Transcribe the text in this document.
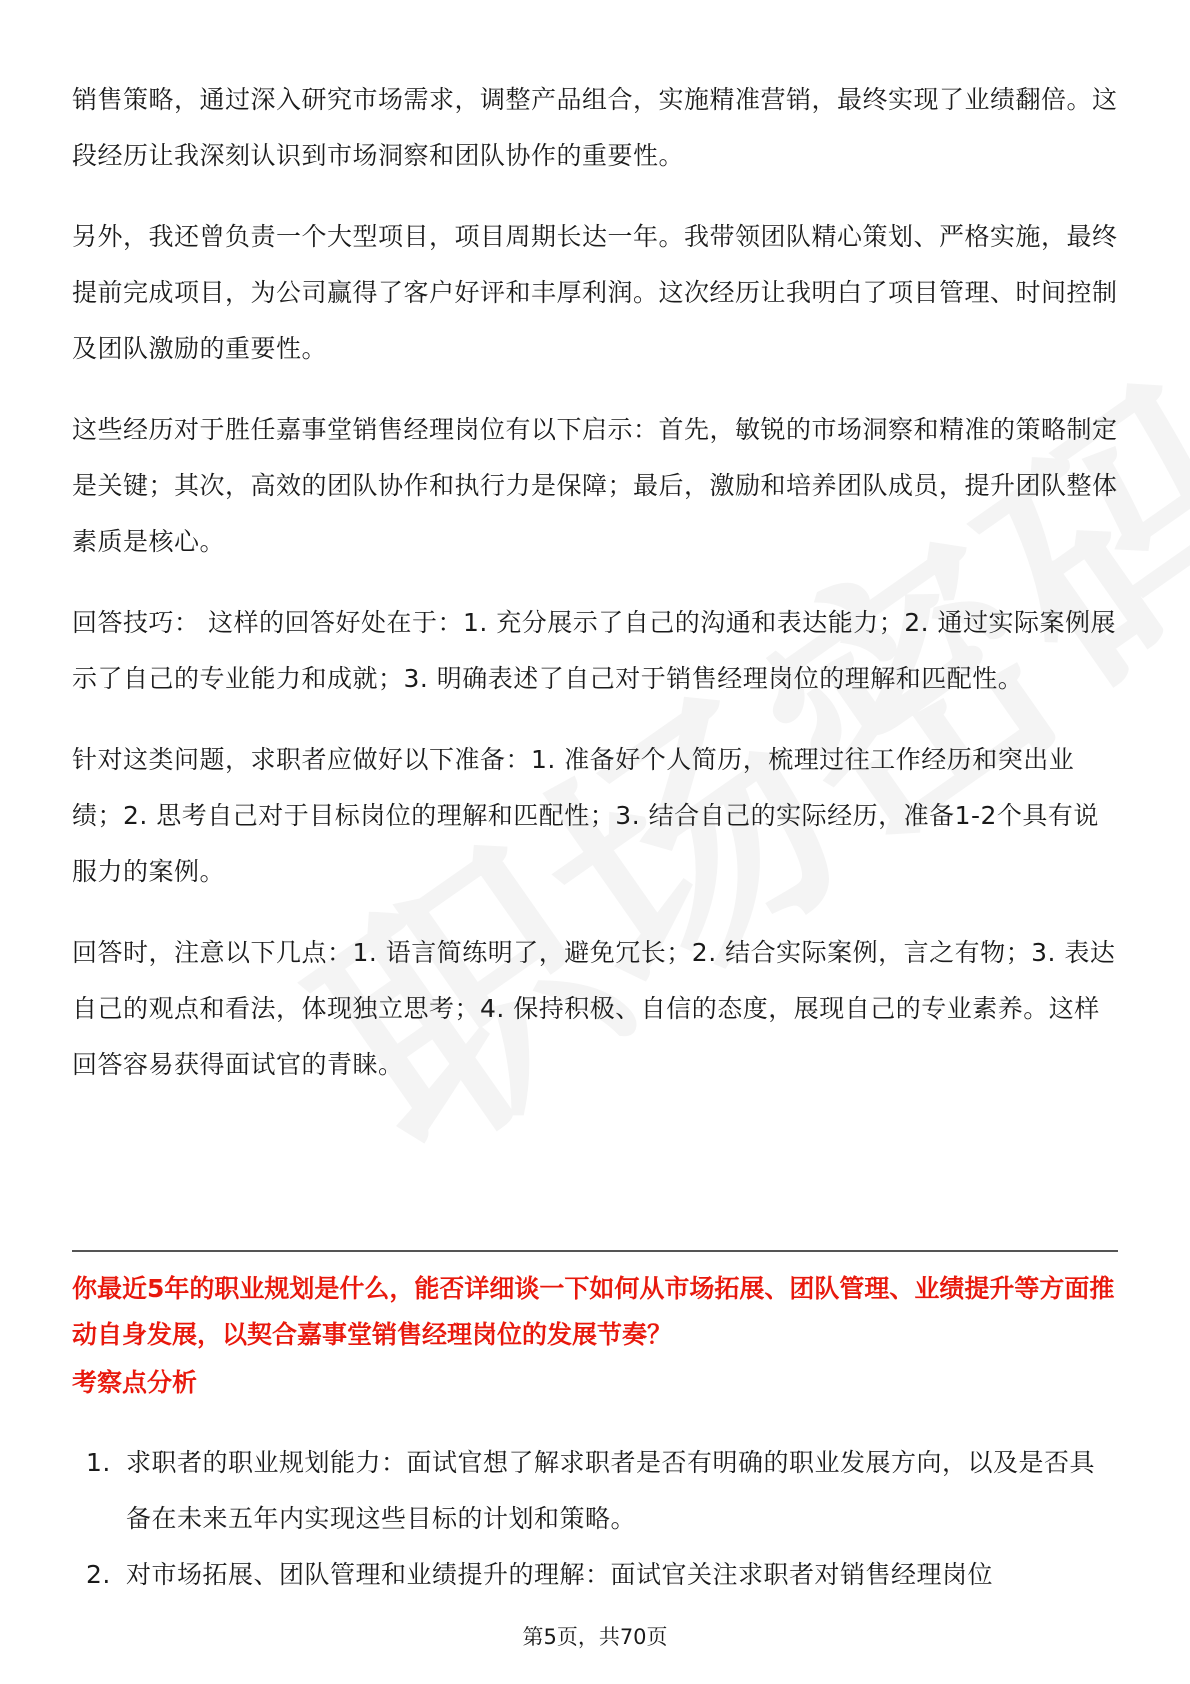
销售策略，通过深入研究市场需求，调整产品组合，实施精准营销，最终实现了业绩翻倍。这段经历让我深刻认识到市场洞察和团队协作的重要性。

另外，我还曾负责一个大型项目，项目周期长达一年。我带领团队精心策划、严格实施，最终提前完成项目，为公司赢得了客户好评和丰厚利润。这次经历让我明白了项目管理、时间控制及团队激励的重要性。

这些经历对于胜任嘉事堂销售经理岗位有以下启示：首先，敏锐的市场洞察和精准的策略制定是关键；其次，高效的团队协作和执行力是保障；最后，激励和培养团队成员，提升团队整体素质是核心。

回答技巧： 这样的回答好处在于：1. 充分展示了自己的沟通和表达能力；2. 通过实际案例展示了自己的专业能力和成就；3. 明确表述了自己对于销售经理岗位的理解和匹配性。

针对这类问题，求职者应做好以下准备：1. 准备好个人简历，梳理过往工作经历和突出业绩；2. 思考自己对于目标岗位的理解和匹配性；3. 结合自己的实际经历，准备1-2个具有说服力的案例。

回答时，注意以下几点：1. 语言简练明了，避免冗长；2. 结合实际案例，言之有物；3. 表达自己的观点和看法，体现独立思考；4. 保持积极、自信的态度，展现自己的专业素养。这样回答容易获得面试官的青睐。

你最近5年的职业规划是什么，能否详细谈一下如何从市场拓展、团队管理、业绩提升等方面推动自身发展，以契合嘉事堂销售经理岗位的发展节奏？

考察点分析

1. 求职者的职业规划能力：面试官想了解求职者是否有明确的职业发展方向，以及是否具备在未来五年内实现这些目标的计划和策略。
2. 对市场拓展、团队管理和业绩提升的理解：面试官关注求职者对销售经理岗位
第5页，共70页
